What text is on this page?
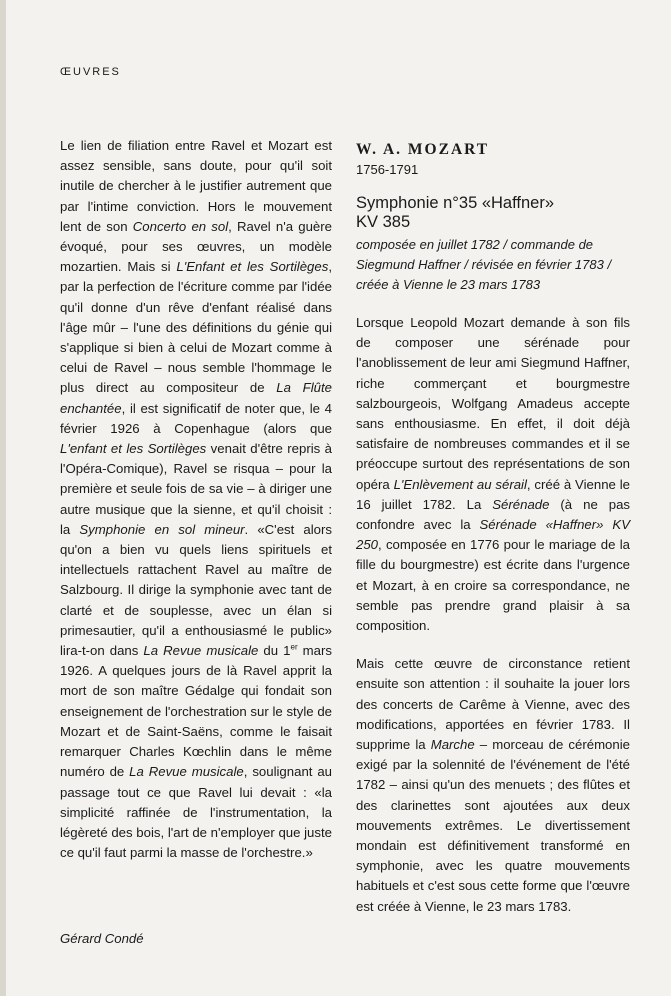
ŒUVRES

Le lien de filiation entre Ravel et Mozart est assez sensible, sans doute, pour qu'il soit inutile de chercher à le justifier autrement que par l'intime conviction. Hors le mouvement lent de son Concerto en sol, Ravel n'a guère évoqué, pour ses œuvres, un modèle mozartien. Mais si L'Enfant et les Sortilèges, par la perfection de l'écriture comme par l'idée qu'il donne d'un rêve d'enfant réalisé dans l'âge mûr – l'une des définitions du génie qui s'applique si bien à celui de Mozart comme à celui de Ravel – nous semble l'hommage le plus direct au compositeur de La Flûte enchantée, il est significatif de noter que, le 4 février 1926 à Copenhague (alors que L'enfant et les Sortilèges venait d'être repris à l'Opéra-Comique), Ravel se risqua – pour la première et seule fois de sa vie – à diriger une autre musique que la sienne, et qu'il choisit : la Symphonie en sol mineur. «C'est alors qu'on a bien vu quels liens spirituels et intellectuels rattachent Ravel au maître de Salzbourg. Il dirige la symphonie avec tant de clarté et de souplesse, avec un élan si primesautier, qu'il a enthousiasmé le public» lira-t-on dans La Revue musicale du 1er mars 1926. A quelques jours de là Ravel apprit la mort de son maître Gédalge qui fondait son enseignement de l'orchestration sur le style de Mozart et de Saint-Saëns, comme le faisait remarquer Charles Kœchlin dans le même numéro de La Revue musicale, soulignant au passage tout ce que Ravel lui devait : «la simplicité raffinée de l'instrumentation, la légèreté des bois, l'art de n'employer que juste ce qu'il faut parmi la masse de l'orchestre.»

Gérard Condé
W. A. MOZART
1756-1791
Symphonie n°35 «Haffner»
KV 385
composée en juillet 1782 / commande de Siegmund Haffner / révisée en février 1783 / créée à Vienne le 23 mars 1783

Lorsque Leopold Mozart demande à son fils de composer une sérénade pour l'anoblissement de leur ami Siegmund Haffner, riche commerçant et bourgmestre salzbourgeois, Wolfgang Amadeus accepte sans enthousiasme. En effet, il doit déjà satisfaire de nombreuses commandes et il se préoccupe surtout des représentations de son opéra L'Enlèvement au sérail, créé à Vienne le 16 juillet 1782. La Sérénade (à ne pas confondre avec la Sérénade «Haffner» KV 250, composée en 1776 pour le mariage de la fille du bourgmestre) est écrite dans l'urgence et Mozart, à en croire sa correspondance, ne semble pas prendre grand plaisir à sa composition.

Mais cette œuvre de circonstance retient ensuite son attention : il souhaite la jouer lors des concerts de Carême à Vienne, avec des modifications, apportées en février 1783. Il supprime la Marche – morceau de cérémonie exigé par la solennité de l'événement de l'été 1782 – ainsi qu'un des menuets ; des flûtes et des clarinettes sont ajoutées aux deux mouvements extrêmes. Le divertissement mondain est définitivement transformé en symphonie, avec les quatre mouvements habituels et c'est sous cette forme que l'œuvre est créée à Vienne, le 23 mars 1783.
